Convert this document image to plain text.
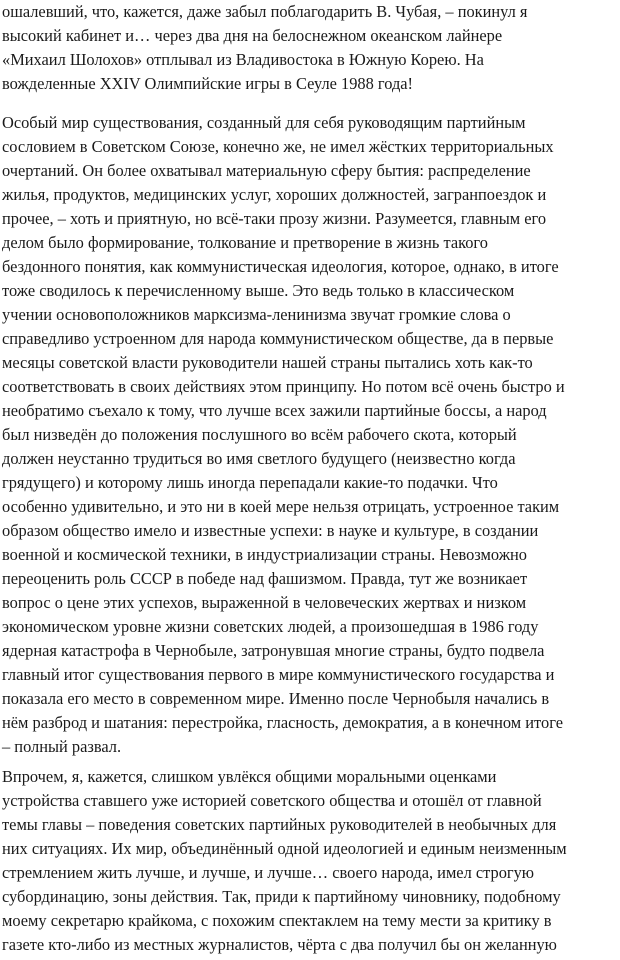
ошалевший, что, кажется, даже забыл поблагодарить В. Чубая, – покинул я
высокий кабинет и… через два дня на белоснежном океанском лайнере
«Михаил Шолохов» отплывал из Владивостока в Южную Корею. На
вожделенные XXIV Олимпийские игры в Сеуле 1988 года!

Особый мир существования, созданный для себя руководящим партийным
сословием в Советском Союзе, конечно же, не имел жёстких территориальных
очертаний. Он более охватывал материальную сферу бытия: распределение
жилья, продуктов, медицинских услуг, хороших должностей, загранпоездок и
прочее, – хоть и приятную, но всё-таки прозу жизни. Разумеется, главным его
делом было формирование, толкование и претворение в жизнь такого
бездонного понятия, как коммунистическая идеология, которое, однако, в итоге
тоже сводилось к перечисленному выше. Это ведь только в классическом
учении основоположников марксизма-ленинизма звучат громкие слова о
справедливо устроенном для народа коммунистическом обществе, да в первые
месяцы советской власти руководители нашей страны пытались хоть как-то
соответствовать в своих действиях этом принципу. Но потом всё очень быстро и
необратимо съехало к тому, что лучше всех зажили партийные боссы, а народ
был низведён до положения послушного во всём рабочего скота, который
должен неустанно трудиться во имя светлого будущего (неизвестно когда
грядущего) и которому лишь иногда перепадали какие-то подачки. Что
особенно удивительно, и это ни в коей мере нельзя отрицать, устроенное таким
образом общество имело и известные успехи: в науке и культуре, в создании
военной и космической техники, в индустриализации страны. Невозможно
переоценить роль СССР в победе над фашизмом. Правда, тут же возникает
вопрос о цене этих успехов, выраженной в человеческих жертвах и низком
экономическом уровне жизни советских людей, а произошедшая в 1986 году
ядерная катастрофа в Чернобыле, затронувшая многие страны, будто подвела
главный итог существования первого в мире коммунистического государства и
показала его место в современном мире. Именно после Чернобыля начались в
нём разброд и шатания: перестройка, гласность, демократия, а в конечном итоге
– полный развал.

Впрочем, я, кажется, слишком увлёкся общими моральными оценками
устройства ставшего уже историей советского общества и отошёл от главной
темы главы – поведения советских партийных руководителей в необычных для
них ситуациях. Их мир, объединённый одной идеологией и единым неизменным
стремлением жить лучше, и лучше, и лучше… своего народа, имел строгую
субординацию, зоны действия. Так, приди к партийному чиновнику, подобному
моему секретарю крайкома, с похожим спектаклем на тему мести за критику в
газете кто-либо из местных журналистов, чёрта с два получил бы он желанную
